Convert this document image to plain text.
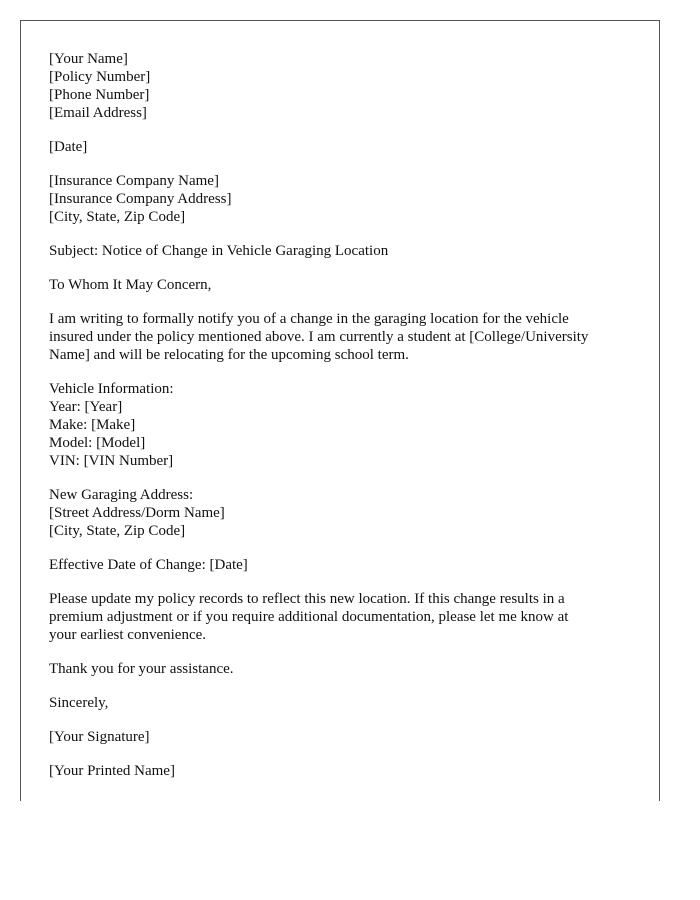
[Your Name]
[Policy Number]
[Phone Number]
[Email Address]
[Date]
[Insurance Company Name]
[Insurance Company Address]
[City, State, Zip Code]
Subject: Notice of Change in Vehicle Garaging Location
To Whom It May Concern,
I am writing to formally notify you of a change in the garaging location for the vehicle
insured under the policy mentioned above. I am currently a student at [College/University
Name] and will be relocating for the upcoming school term.
Vehicle Information:
Year: [Year]
Make: [Make]
Model: [Model]
VIN: [VIN Number]
New Garaging Address:
[Street Address/Dorm Name]
[City, State, Zip Code]
Effective Date of Change: [Date]
Please update my policy records to reflect this new location. If this change results in a
premium adjustment or if you require additional documentation, please let me know at
your earliest convenience.
Thank you for your assistance.
Sincerely,
[Your Signature]
[Your Printed Name]
